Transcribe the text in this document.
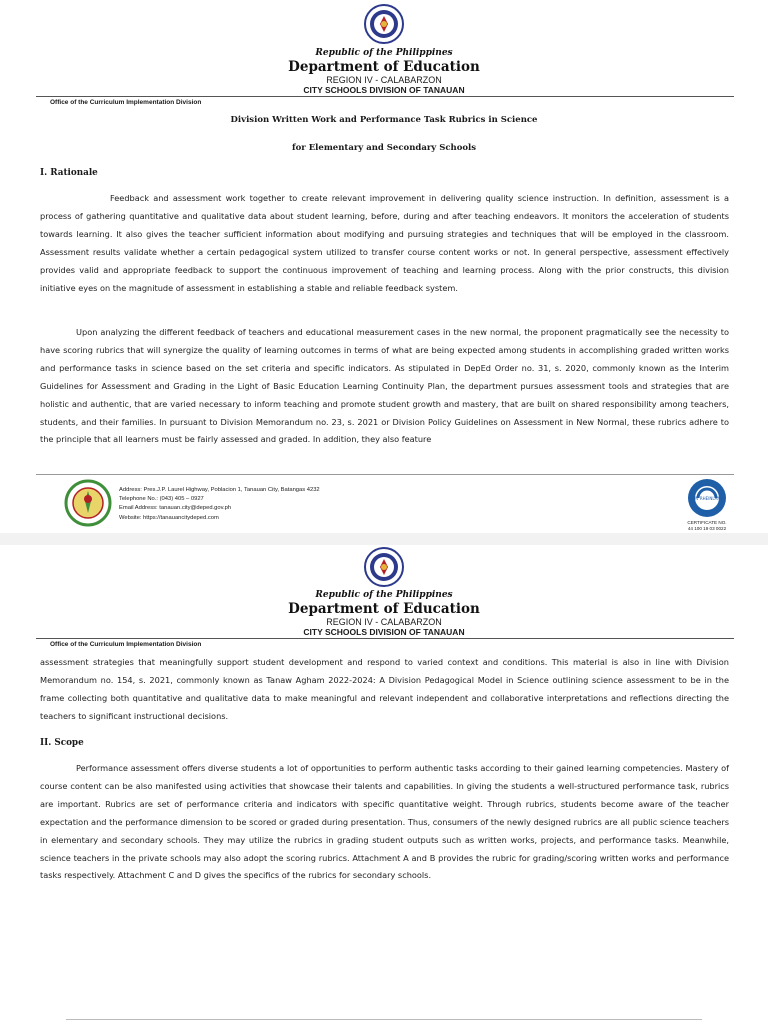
Republic of the Philippines
Department of Education
REGION IV - CALABARZON
CITY SCHOOLS DIVISION OF TANAUAN
Office of the Curriculum Implementation Division
Division Written Work and Performance Task Rubrics in Science
for Elementary and Secondary Schools
I. Rationale

Feedback and assessment work together to create relevant improvement in delivering quality science instruction. In definition, assessment is a process of gathering quantitative and qualitative data about student learning, before, during and after teaching endeavors. It monitors the acceleration of students towards learning. It also gives the teacher sufficient information about modifying and pursuing strategies and techniques that will be employed in the classroom. Assessment results validate whether a certain pedagogical system utilized to transfer course content works or not. In general perspective, assessment effectively provides valid and appropriate feedback to support the continuous improvement of teaching and learning process. Along with the prior constructs, this division initiative eyes on the magnitude of assessment in establishing a stable and reliable feedback system.

Upon analyzing the different feedback of teachers and educational measurement cases in the new normal, the proponent pragmatically see the necessity to have scoring rubrics that will synergize the quality of learning outcomes in terms of what are being expected among students in accomplishing graded written works and performance tasks in science based on the set criteria and specific indicators. As stipulated in DepEd Order no. 31, s. 2020, commonly known as the Interim Guidelines for Assessment and Grading in the Light of Basic Education Learning Continuity Plan, the department pursues assessment tools and strategies that are holistic and authentic, that are varied necessary to inform teaching and promote student growth and mastery, that are built on shared responsibility among teachers, students, and their families. In pursuant to Division Memorandum no. 23, s. 2021 or Division Policy Guidelines on Assessment in New Normal, these rubrics adhere to the principle that all learners must be fairly assessed and graded. In addition, they also feature

Address: Pres.J.P. Laurel Highway, Poblacion 1, Tanauan City, Batangas 4232
Telephone No.: (043) 405 – 0927
Email Address: tanauan.city@deped.gov.ph
Website: https://tanauancitydeped.com
TUV RHEINLAND
CERTIFICATE NO.
44 100 19 03 0022
Republic of the Philippines
Department of Education
REGION IV - CALABARZON
CITY SCHOOLS DIVISION OF TANAUAN
Office of the Curriculum Implementation Division

assessment strategies that meaningfully support student development and respond to varied context and conditions. This material is also in line with Division Memorandum no. 154, s. 2021, commonly known as Tanaw Agham 2022-2024: A Division Pedagogical Model in Science outlining science assessment to be in the frame collecting both quantitative and qualitative data to make meaningful and relevant independent and collaborative interpretations and reflections directing the teachers to significant instructional decisions.

II. Scope

Performance assessment offers diverse students a lot of opportunities to perform authentic tasks according to their gained learning competencies. Mastery of course content can be also manifested using activities that showcase their talents and capabilities. In giving the students a well-structured performance task, rubrics are important. Rubrics are set of performance criteria and indicators with specific quantitative weight. Through rubrics, students become aware of the teacher expectation and the performance dimension to be scored or graded during presentation. Thus, consumers of the newly designed rubrics are all public science teachers in elementary and secondary schools. They may utilize the rubrics in grading student outputs such as written works, projects, and performance tasks. Meanwhile, science teachers in the private schools may also adopt the scoring rubrics. Attachment A and B provides the rubric for grading/scoring written works and performance tasks respectively. Attachment C and D gives the specifics of the rubrics for secondary schools.
